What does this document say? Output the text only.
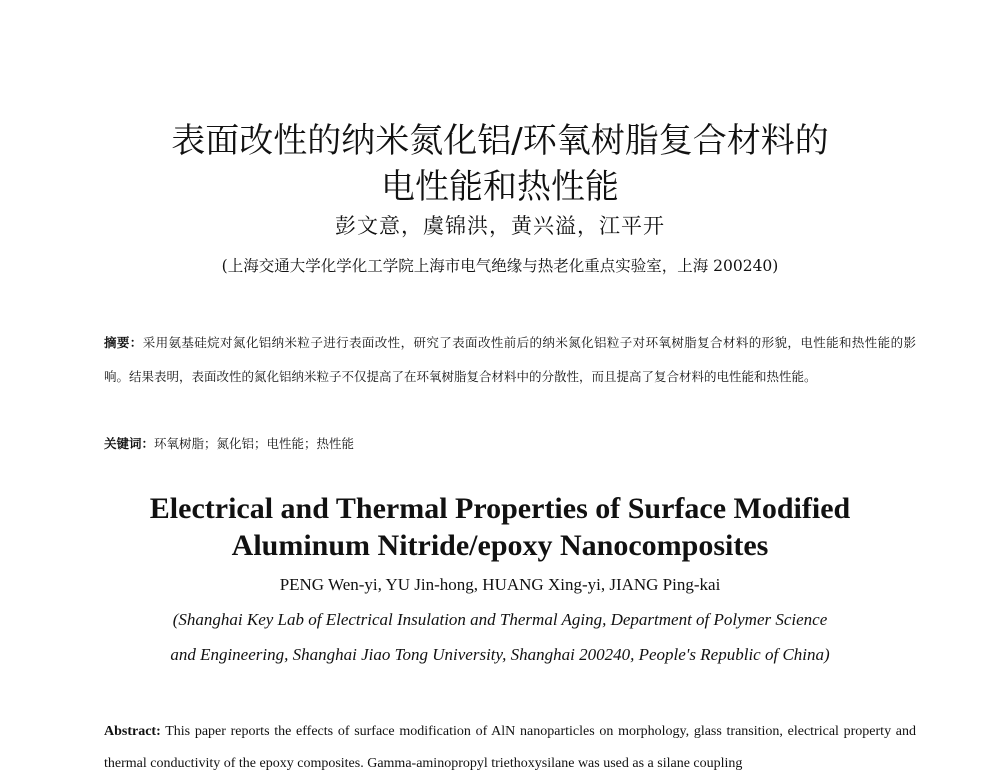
表面改性的纳米氮化铝/环氧树脂复合材料的
电性能和热性能
彭文意，虞锦洪，黄兴溢，江平开
(上海交通大学化学化工学院上海市电气绝缘与热老化重点实验室，上海 200240)
摘要：采用氨基硅烷对氮化铝纳米粒子进行表面改性，研究了表面改性前后的纳米氮化铝粒子对环氧树脂复合材料的形貌，电性能和热性能的影响。结果表明，表面改性的氮化铝纳米粒子不仅提高了在环氧树脂复合材料中的分散性，而且提高了复合材料的电性能和热性能。
关键词：环氧树脂；氮化铝；电性能；热性能
Electrical and Thermal Properties of Surface Modified
Aluminum Nitride/epoxy Nanocomposites
PENG Wen-yi, YU Jin-hong, HUANG Xing-yi, JIANG Ping-kai
(Shanghai Key Lab of Electrical Insulation and Thermal Aging, Department of Polymer Science
and Engineering, Shanghai Jiao Tong University, Shanghai 200240, People's Republic of China)
Abstract: This paper reports the effects of surface modification of AlN nanoparticles on morphology, glass transition, electrical property and thermal conductivity of the epoxy composites. Gamma-aminopropyl triethoxysilane was used as a silane coupling
